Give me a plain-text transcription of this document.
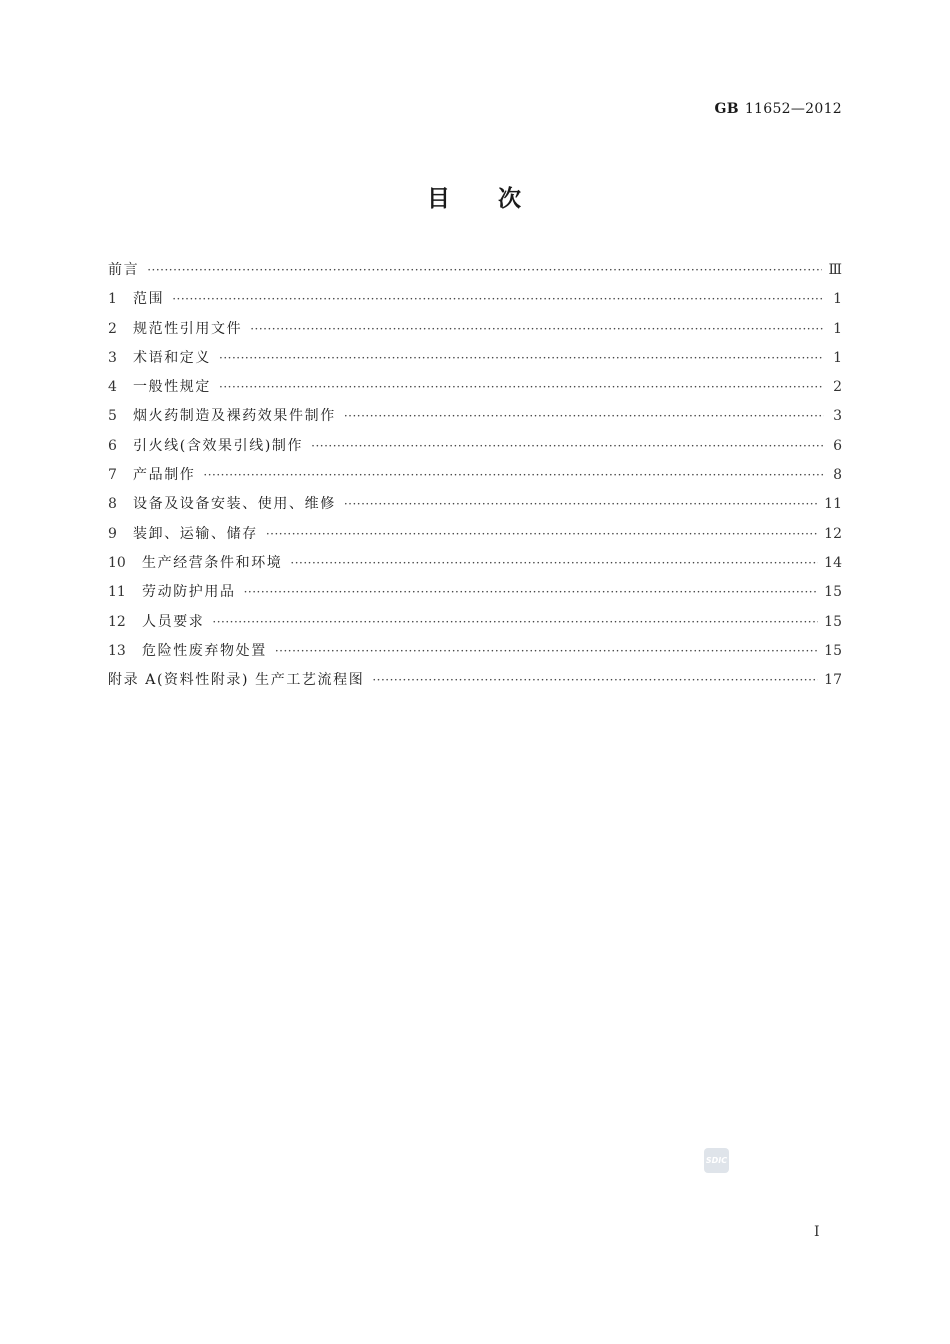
GB 11652—2012
目 次
前言 ·····	Ⅲ
1	范围 ·····	1
2	规范性引用文件 ·····	1
3	术语和定义 ·····	1
4	一般性规定 ·····	2
5	烟火药制造及裸药效果件制作 ·····	3
6	引火线(含效果引线)制作 ·····	6
7	产品制作 ·····	8
8	设备及设备安装、使用、维修 ·····	11
9	装卸、运输、储存 ·····	12
10	生产经营条件和环境 ·····	14
11	劳动防护用品 ·····	15
12	人员要求 ·····	15
13	危险性废弃物处置 ·····	15
附录 A(资料性附录) 生产工艺流程图 ·····	17
SDIC
Ⅰ
